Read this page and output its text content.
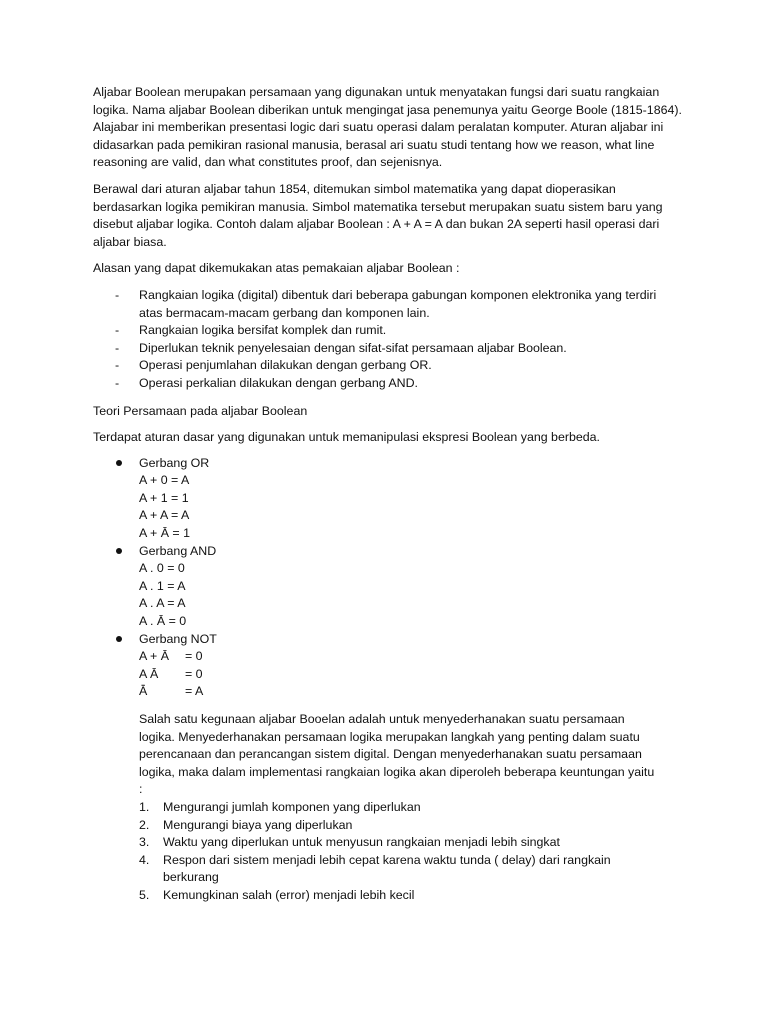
Aljabar Boolean merupakan persamaan yang digunakan untuk menyatakan fungsi dari suatu rangkaian logika. Nama aljabar Boolean diberikan untuk mengingat jasa penemunya yaitu George Boole (1815-1864). Alajabar ini memberikan presentasi logic dari suatu operasi dalam peralatan komputer. Aturan aljabar ini didasarkan pada pemikiran rasional manusia, berasal ari suatu studi tentang how we reason, what line reasoning are valid, dan what constitutes proof, dan sejenisnya.

Berawal dari aturan aljabar tahun 1854, ditemukan simbol matematika yang dapat dioperasikan berdasarkan logika pemikiran manusia. Simbol matematika tersebut merupakan suatu sistem baru yang disebut aljabar logika. Contoh dalam aljabar Boolean : A + A = A dan bukan 2A seperti hasil operasi dari aljabar biasa.

Alasan yang dapat dikemukakan atas pemakaian aljabar Boolean :

- Rangkaian logika (digital) dibentuk dari beberapa gabungan komponen elektronika yang terdiri atas bermacam-macam gerbang dan komponen lain.
- Rangkaian logika bersifat komplek dan rumit.
- Diperlukan teknik penyelesaian dengan sifat-sifat persamaan aljabar Boolean.
- Operasi penjumlahan dilakukan dengan gerbang OR.
- Operasi perkalian dilakukan dengan gerbang AND.

Teori Persamaan pada aljabar Boolean

Terdapat aturan dasar yang digunakan untuk memanipulasi ekspresi Boolean yang berbeda.

Gerbang OR
A + 0 = A
A + 1 = 1
A + A = A
A + Ā = 1
Gerbang AND
A . 0 = 0
A . 1 = A
A . A = A
A . Ā = 0
Gerbang NOT
A + Ā = 0
A Ā = 0
Ā̄	= A

Salah satu kegunaan aljabar Booelan adalah untuk menyederhanakan suatu persamaan logika. Menyederhanakan persamaan logika merupakan langkah yang penting dalam suatu perencanaan dan perancangan sistem digital. Dengan menyederhanakan suatu persamaan logika, maka dalam implementasi rangkaian logika akan diperoleh beberapa keuntungan yaitu :

1. Mengurangi jumlah komponen yang diperlukan
2. Mengurangi biaya yang diperlukan
3. Waktu yang diperlukan untuk menyusun rangkaian menjadi lebih singkat
4. Respon dari sistem menjadi lebih cepat karena waktu tunda ( delay) dari rangkain berkurang
5. Kemungkinan salah (error) menjadi lebih kecil
